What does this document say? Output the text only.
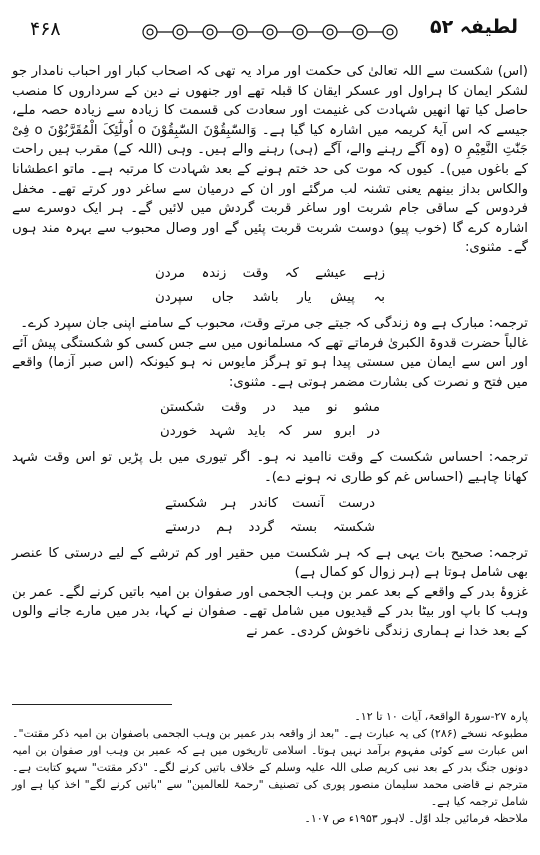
۴۶۸	لطیفہ ۵۲

(اس) شکست سے اللہ تعالیٰ کی حکمت اور مراد یہ تھی کہ اصحاب کبار اور احباب نامدار جو لشکر ایمان کا ہراول اور عسکر ایقان کا قبلہ تھے اور جنھوں نے دین کے سرداروں کا منصب حاصل کیا تھا انھیں شہادت کی غنیمت اور سعادت کی قسمت کا زیادہ سے زیادہ حصہ ملے، جیسے کہ اس آیۂ کریمہ میں اشارہ کیا گیا ہے۔ وَالسّٰبِقُوْنَ السّٰبِقُوْنَ o اُولٰٓئِکَ الْمُقَرَّبُوْنَ o فِیْ جَنّٰتِ النَّعِیْمِ o (وہ آگے رہنے والے، آگے (ہی) رہنے والے ہیں۔ وہی (اللہ کے) مقرب ہیں راحت کے باغوں میں)۔ کیوں کہ موت کی حد ختم ہونے کے بعد شہادت کا مرتبہ ہے۔ ماتو اعطشانا والکاس بداز بینهم یعنی تشنہ لب مرگئے اور ان کے درمیان سے ساغر دور کرتے تھے۔ مخفل فردوس کے ساقی جام شربت اور ساغر قربت گردش میں لائیں گے۔ ہر ایک دوسرے سے اشارہ کرے گا (خوب پیو) دوست شربت قربت پئیں گے اور وصال محبوب سے بہرہ مند ہوں گے۔ مثنوی:

زہے
عیشے
کہ
وقت
زندہ
مردن
بہ
پیش
یار
باشد
جاں
سپردن

ترجمہ: مبارک ہے وہ زندگی کہ جیتے جی مرتے وقت، محبوب کے سامنے اپنی جان سپرد کرے۔

غالباً حضرت قدوۃ الکبریٰ فرماتے تھے کہ مسلمانوں میں سے جس کسی کو شکستگی پیش آئے اور اس سے ایمان میں سستی پیدا ہو تو ہرگز مایوس نہ ہو کیونکہ (اس صبر آزما) واقعے میں فتح و نصرت کی بشارت مضمر ہوتی ہے۔ مثنوی:

مشو
نو
مید
در
وقت
شکستن
در
ابرو
سر
کہ
باید
شہد
خوردن

ترجمہ: احساس شکست کے وقت ناامید نہ ہو۔ اگر تیوری میں بل پڑیں تو اس وقت شہد کھانا چاہیے (احساس غم کو طاری نہ ہونے دے)۔

درست
آنست
کاندر
ہر
شکستے
شکستہ
بستہ
گردد
ہم
درستے

ترجمہ: صحیح بات یہی ہے کہ ہر شکست میں حقیر اور کم ترشے کے لیے درستی کا عنصر بھی شامل ہوتا ہے (ہر زوال کو کمال ہے)

غزوۂ بدر کے واقعے کے بعد عمر بن وہب الجحمی اور صفوان بن امیہ باتیں کرنے لگے۔ عمر بن وہب کا باپ اور بیٹا بدر کے قیدیوں میں شامل تھے۔ صفوان نے کہا، بدر میں مارے جانے والوں کے بعد خدا نے ہماری زندگی ناخوش کردی۔ عمر نے

پارہ ۲۷-سورۃ الواقعۃ، آیات ۱۰ تا ۱۲۔

مطبوعہ نسخے (۲۸۶) کی یہ عبارت ہے۔ "بعد از واقعہ بدر عمیر بن وہب الجحمی باصفوان بن امیہ ذکر مقتت"۔ اس عبارت سے کوئی مفہوم برآمد نہیں ہوتا۔ اسلامی تاریخوں میں ہے کہ عمیر بن وہب اور صفوان بن امیہ دونوں جنگ بدر کے بعد نبی کریم صلی اللہ علیہ وسلم کے خلاف باتیں کرنے لگے۔ "ذکر مقتت" سہو کتابت ہے۔ مترجم نے قاضی محمد سلیمان منصور پوری کی تصنیف "رحمۃ للعالمین" سے "باتیں کرنے لگے" اخذ کیا ہے اور شامل ترجمہ کیا ہے۔

ملاحظہ فرمائیں جلد اوّل۔ لاہور ۱۹۵۳ء ص ۱۰۷۔
